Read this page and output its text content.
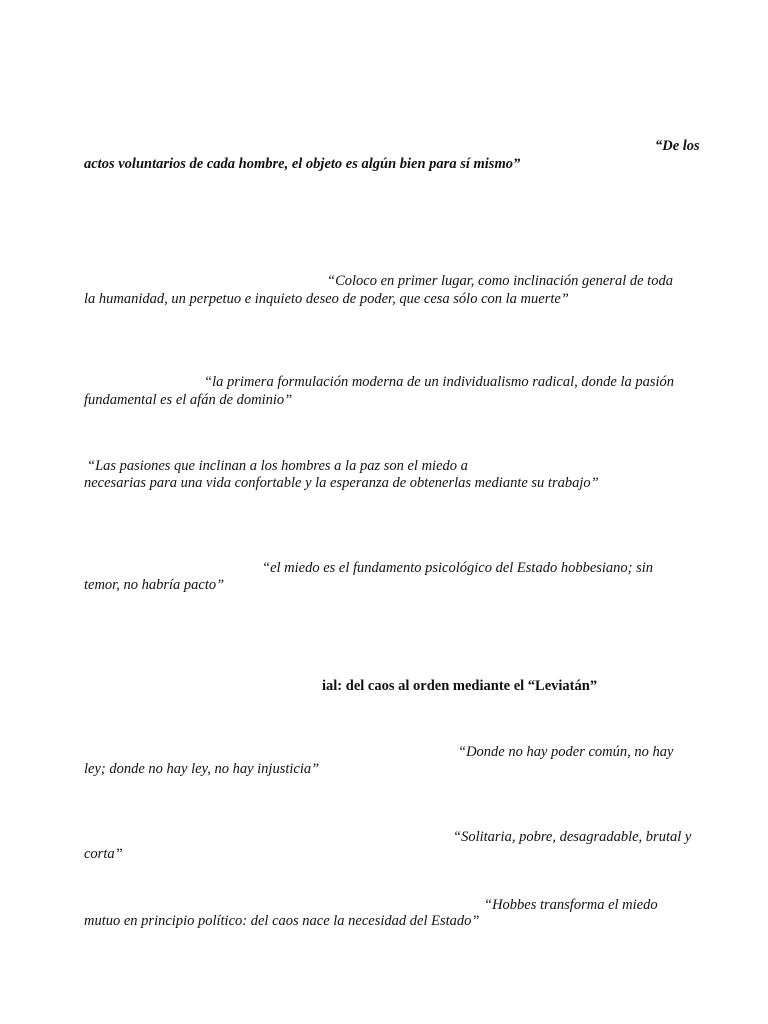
“De los
actos voluntarios de cada hombre, el objeto es algún bien para sí mismo”
“Coloco en primer lugar, como inclinación general de toda
la humanidad, un perpetuo e inquieto deseo de poder, que cesa sólo con la muerte”
“la primera formulación moderna de un individualismo radical, donde la pasión
fundamental es el afán de dominio”
“Las pasiones que inclinan a los hombres a la paz son el miedo a
necesarias para una vida confortable y la esperanza de obtenerlas mediante su trabajo”
“el miedo es el fundamento psicológico del Estado hobbesiano; sin
temor, no habría pacto”
ial: del caos al orden mediante el “Leviatán”
“Donde no hay poder común, no hay
ley; donde no hay ley, no hay injusticia”
“Solitaria, pobre, desagradable, brutal y
corta”
“Hobbes transforma el miedo
mutuo en principio político: del caos nace la necesidad del Estado”
